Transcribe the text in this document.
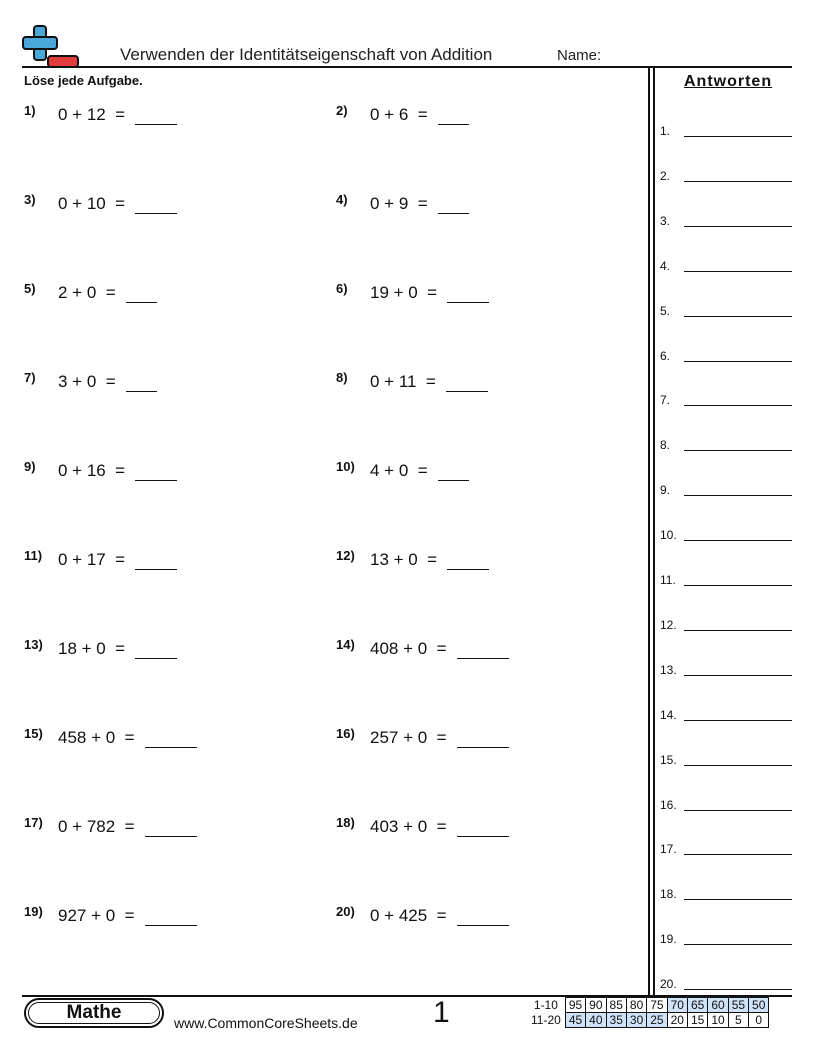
Verwenden der Identitätseigenschaft von Addition	Name:
Löse jede Aufgabe.	Antworten
1) 0 + 12  =	2) 0 + 6  =
3) 0 + 10  =	4) 0 + 9  =
5) 2 + 0  =	6) 19 + 0  =
7) 3 + 0  =	8) 0 + 11  =
9) 0 + 16  =	10) 4 + 0  =
11) 0 + 17  =	12) 13 + 0  =
13) 18 + 0  =	14) 408 + 0  =
15) 458 + 0  =	16) 257 + 0  =
17) 0 + 782  =	18) 403 + 0  =
19) 927 + 0  =	20) 0 + 425  =
1.
2.
3.
4.
5.
6.
7.
8.
9.
10.
11.
12.
13.
14.
15.
16.
17.
18.
19.
20.
Mathe	www.CommonCoreSheets.de	1	1-10	95	90	85	80	75	70	65	60	55	50
11-20	45	40	35	30	25	20	15	10	5	0
